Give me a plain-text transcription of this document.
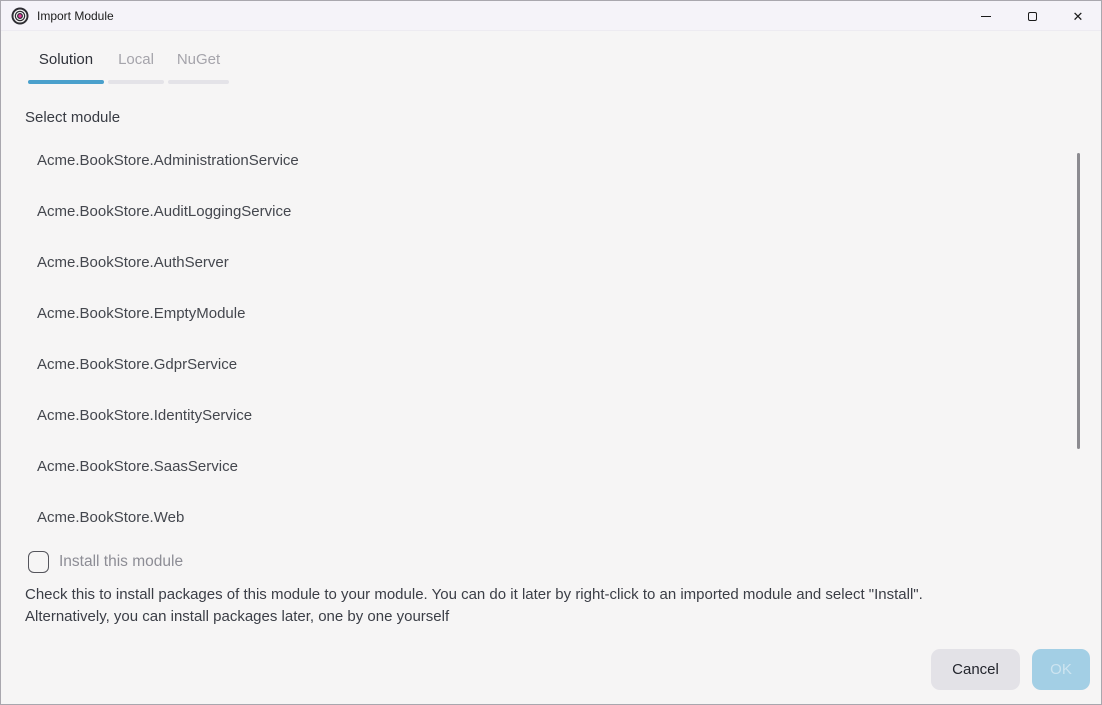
Import Module	✕
Solution	Local	NuGet
Select module
Acme.BookStore.AdministrationService
Acme.BookStore.AuditLoggingService
Acme.BookStore.AuthServer
Acme.BookStore.EmptyModule
Acme.BookStore.GdprService
Acme.BookStore.IdentityService
Acme.BookStore.SaasService
Acme.BookStore.Web
Install this module
Check this to install packages of this module to your module. You can do it later by right-click to an imported module and select "Install".
Alternatively, you can install packages later, one by one yourself
Cancel	OK
